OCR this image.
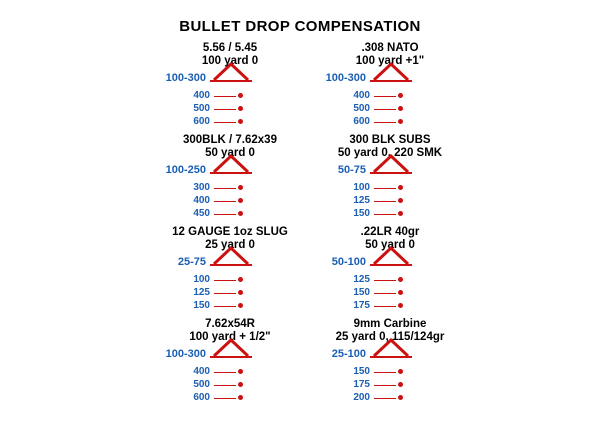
BULLET DROP COMPENSATION
5.56 / 5.45
100 yard 0
100-300
400
500
600
.308 NATO
100 yard +1"
100-300
400
500
600
300BLK / 7.62x39
50 yard 0
100-250
300
400
450
300 BLK SUBS
50 yard 0, 220 SMK
50-75
100
125
150
12 GAUGE 1oz SLUG
25 yard 0
25-75
100
125
150
.22LR 40gr
50 yard 0
50-100
125
150
175
7.62x54R
100 yard + 1/2"
100-300
400
500
600
9mm Carbine
25 yard 0, 115/124gr
25-100
150
175
200
